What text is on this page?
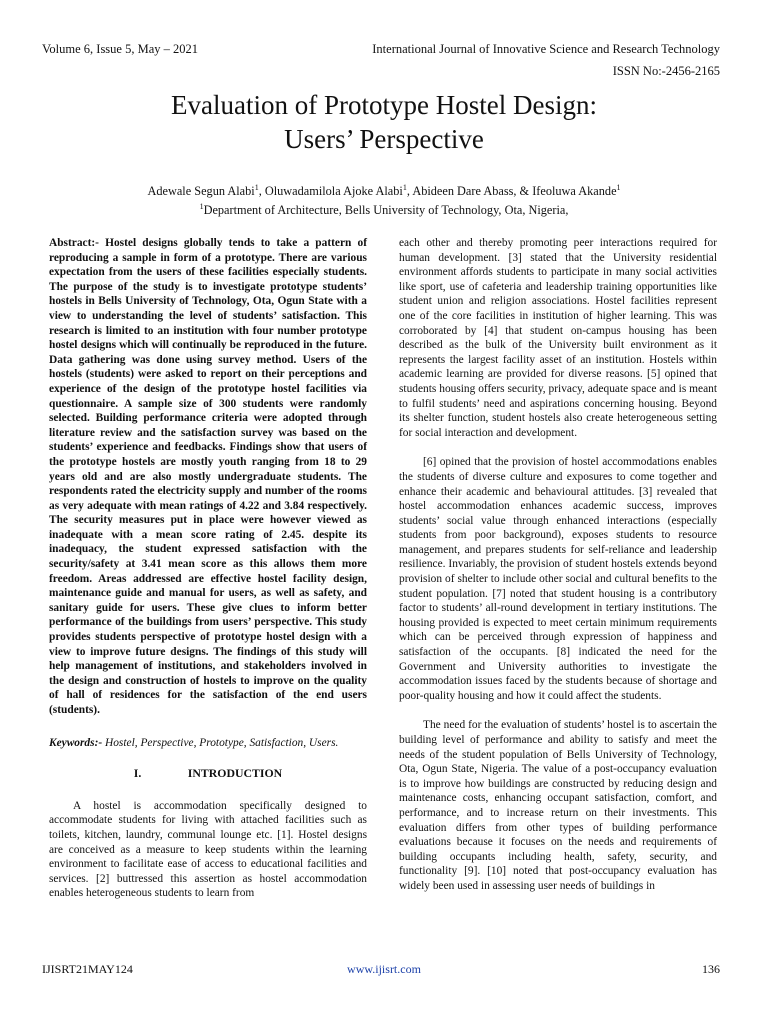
Volume 6, Issue 5, May – 2021	International Journal of Innovative Science and Research Technology
ISSN No:-2456-2165
Evaluation of Prototype Hostel Design:
Users’ Perspective
Adewale Segun Alabi$^1$, Oluwadamilola Ajoke Alabi$^1$, Abideen Dare Abass, & Ifeoluwa Akande$^1$
$^1$Department of Architecture, Bells University of Technology, Ota, Nigeria,

Abstract:- Hostel designs globally tends to take a pattern of reproducing a sample in form of a prototype. There are various expectation from the users of these facilities especially students. The purpose of the study is to investigate prototype students’ hostels in Bells University of Technology, Ota, Ogun State with a view to understanding the level of students’ satisfaction. This research is limited to an institution with four number prototype hostel designs which will continually be reproduced in the future. Data gathering was done using survey method. Users of the hostels (students) were asked to report on their perceptions and experience of the design of the prototype hostel facilities via questionnaire. A sample size of 300 students were randomly selected. Building performance criteria were adopted through literature review and the satisfaction survey was based on the students’ experience and feedbacks. Findings show that users of the prototype hostels are mostly youth ranging from 18 to 29 years old and are also mostly undergraduate students. The respondents rated the electricity supply and number of the rooms as very adequate with mean ratings of 4.22 and 3.84 respectively. The security measures put in place were however viewed as inadequate with a mean score rating of 2.45. despite its inadequacy, the student expressed satisfaction with the security/safety at 3.41 mean score as this allows them more freedom. Areas addressed are effective hostel facility design, maintenance guide and manual for users, as well as safety, and sanitary guide for users. These give clues to inform better performance of the buildings from users’ perspective. This study provides students perspective of prototype hostel design with a view to improve future designs. The findings of this study will help management of institutions, and stakeholders involved in the design and construction of hostels to improve on the quality of hall of residences for the satisfaction of the end users (students).

Keywords:- Hostel, Perspective, Prototype, Satisfaction, Users.

I.	INTRODUCTION

A hostel is accommodation specifically designed to accommodate students for living with attached facilities such as toilets, kitchen, laundry, communal lounge etc. [1]. Hostel designs are conceived as a measure to keep students within the learning environment to facilitate ease of access to educational facilities and services. [2] buttressed this assertion as hostel accommodation enables heterogeneous students to learn from

each other and thereby promoting peer interactions required for human development. [3] stated that the University residential environment affords students to participate in many social activities like sport, use of cafeteria and leadership training opportunities like student union and religion associations. Hostel facilities represent one of the core facilities in institution of higher learning. This was corroborated by [4] that student on-campus housing has been described as the bulk of the University built environment as it represents the largest facility asset of an institution. Hostels within academic learning are provided for diverse reasons. [5] opined that students housing offers security, privacy, adequate space and is meant to fulfil students’ need and aspirations concerning housing. Beyond its shelter function, student hostels also create heterogeneous setting for social interaction and development.

[6] opined that the provision of hostel accommodations enables the students of diverse culture and exposures to come together and enhance their academic and behavioural attitudes. [3] revealed that hostel accommodation enhances academic success, improves students’ social value through enhanced interactions (especially students from poor background), exposes students to resource management, and prepares students for self-reliance and leadership resilience. Invariably, the provision of student hostels extends beyond provision of shelter to include other social and cultural benefits to the student population. [7] noted that student housing is a contributory factor to students’ all-round development in tertiary institutions. The housing provided is expected to meet certain minimum requirements which can be perceived through expression of happiness and satisfaction of the occupants. [8] indicated the need for the Government and University authorities to investigate the accommodation issues faced by the students because of shortage and poor-quality housing and how it could affect the students.

The need for the evaluation of students’ hostel is to ascertain the building level of performance and ability to satisfy and meet the needs of the student population of Bells University of Technology, Ota, Ogun State, Nigeria. The value of a post-occupancy evaluation is to improve how buildings are constructed by reducing design and maintenance costs, enhancing occupant satisfaction, comfort, and performance, and to increase return on their investments. This evaluation differs from other types of building performance evaluations because it focuses on the needs and requirements of building occupants including health, safety, security, and functionality [9]. [10] noted that post-occupancy evaluation has widely been used in assessing user needs of buildings in

IJISRT21MAY124	www.ijisrt.com	136
